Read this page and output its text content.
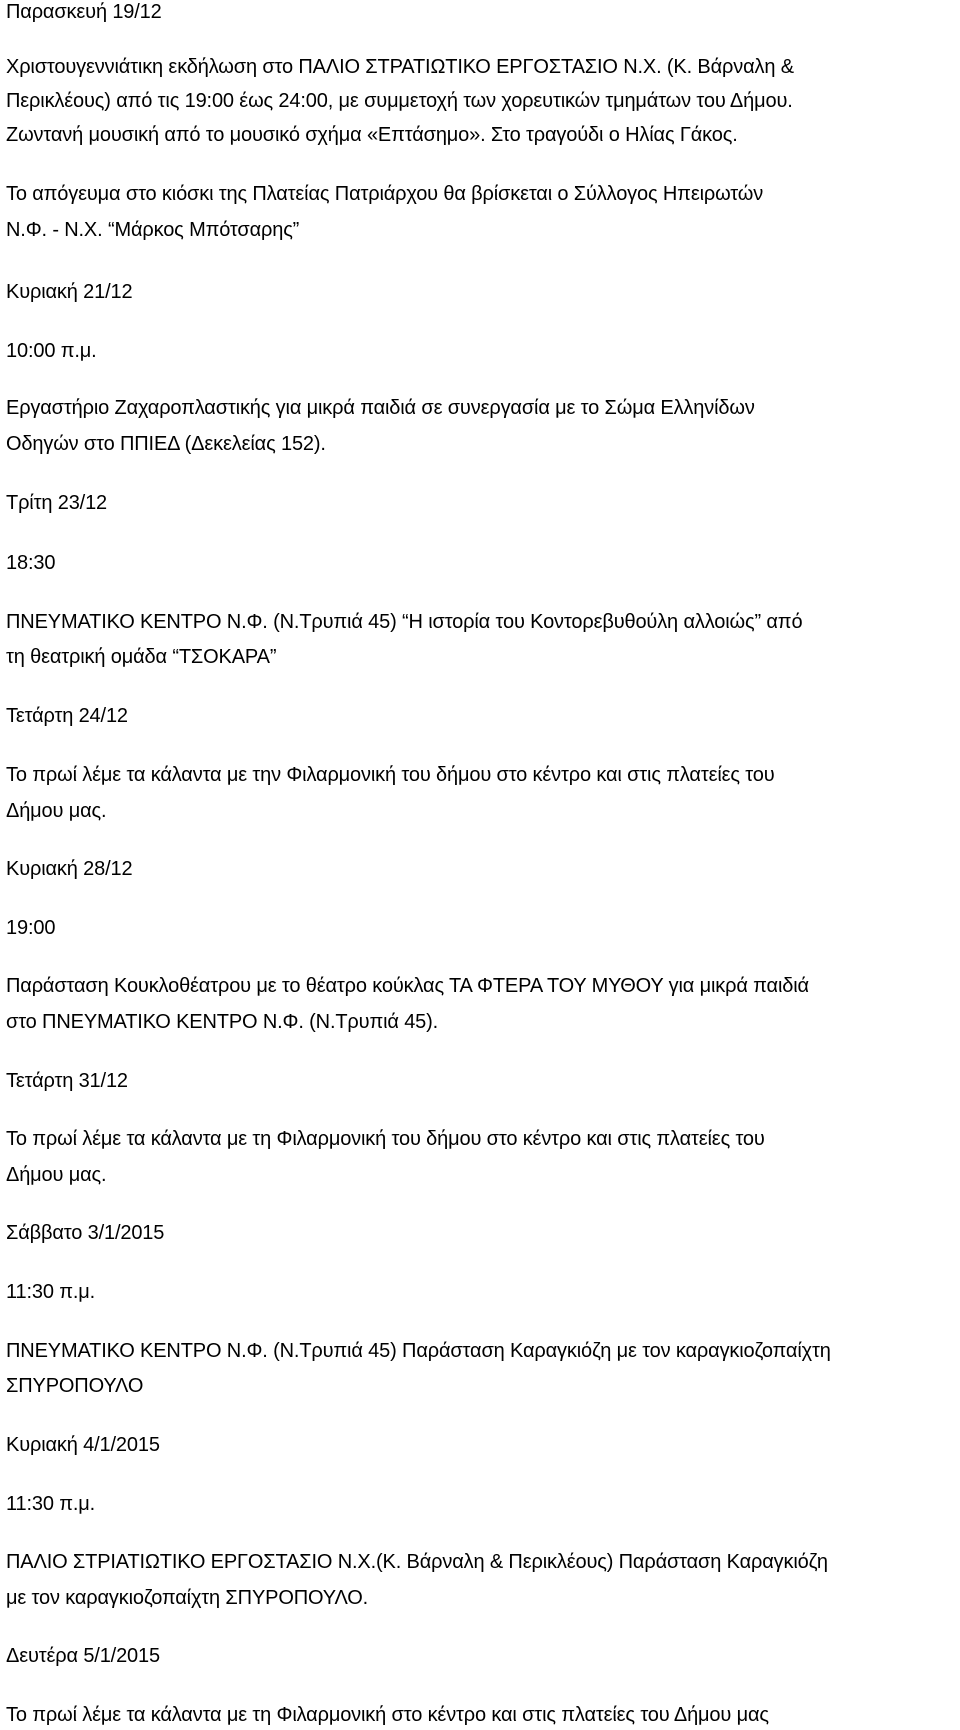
Παρασκευή 19/12
Χριστουγεννιάτικη εκδήλωση στο ΠΑΛΙΟ ΣΤΡΑΤΙΩΤΙΚΟ ΕΡΓΟΣΤΑΣΙΟ Ν.Χ. (Κ. Βάρναλη &
Περικλέους) από τις 19:00 έως 24:00, με συμμετοχή των χορευτικών τμημάτων του Δήμου.
Ζωντανή μουσική από το μουσικό σχήμα «Επτάσημο». Στο τραγούδι ο Ηλίας Γάκος.
Το απόγευμα στο κιόσκι της Πλατείας Πατριάρχου θα βρίσκεται ο Σύλλογος Ηπειρωτών
Ν.Φ. - Ν.Χ. “Μάρκος Μπότσαρης”
Κυριακή 21/12
10:00 π.μ.
Εργαστήριο Ζαχαροπλαστικής για μικρά παιδιά σε συνεργασία με το Σώμα Ελληνίδων
Οδηγών στο ΠΠΙΕΔ (Δεκελείας 152).
Τρίτη 23/12
18:30
ΠΝΕΥΜΑΤΙΚΟ ΚΕΝΤΡΟ Ν.Φ. (Ν.Τρυπιά 45) “Η ιστορία του Κοντορεβυθούλη αλλοιώς” από
τη θεατρική ομάδα “ΤΣΟΚΑΡΑ”
Τετάρτη 24/12
Το πρωί λέμε τα κάλαντα με την Φιλαρμονική του δήμου στο κέντρο και στις πλατείες του
Δήμου μας.
Κυριακή 28/12
19:00
Παράσταση Κουκλοθέατρου με το θέατρο κούκλας ΤΑ ΦΤΕΡΑ ΤΟΥ ΜΥΘΟΥ για μικρά παιδιά
στο ΠΝΕΥΜΑΤΙΚΟ ΚΕΝΤΡΟ Ν.Φ. (Ν.Τρυπιά 45).
Τετάρτη 31/12
Το πρωί λέμε τα κάλαντα με τη Φιλαρμονική του δήμου στο κέντρο και στις πλατείες του
Δήμου μας.
Σάββατο 3/1/2015
11:30 π.μ.
ΠΝΕΥΜΑΤΙΚΟ ΚΕΝΤΡΟ Ν.Φ. (Ν.Τρυπιά 45) Παράσταση Καραγκιόζη με τον καραγκιοζοπαίχτη
ΣΠΥΡΟΠΟΥΛΟ
Κυριακή 4/1/2015
11:30 π.μ.
ΠΑΛΙΟ ΣΤΡΙΑΤΙΩΤΙΚΟ ΕΡΓΟΣΤΑΣΙΟ Ν.Χ.(Κ. Βάρναλη & Περικλέους) Παράσταση Καραγκιόζη
με τον καραγκιοζοπαίχτη ΣΠΥΡΟΠΟΥΛΟ.
Δευτέρα 5/1/2015
Το πρωί λέμε τα κάλαντα με τη Φιλαρμονική στο κέντρο και στις πλατείες του Δήμου μας
